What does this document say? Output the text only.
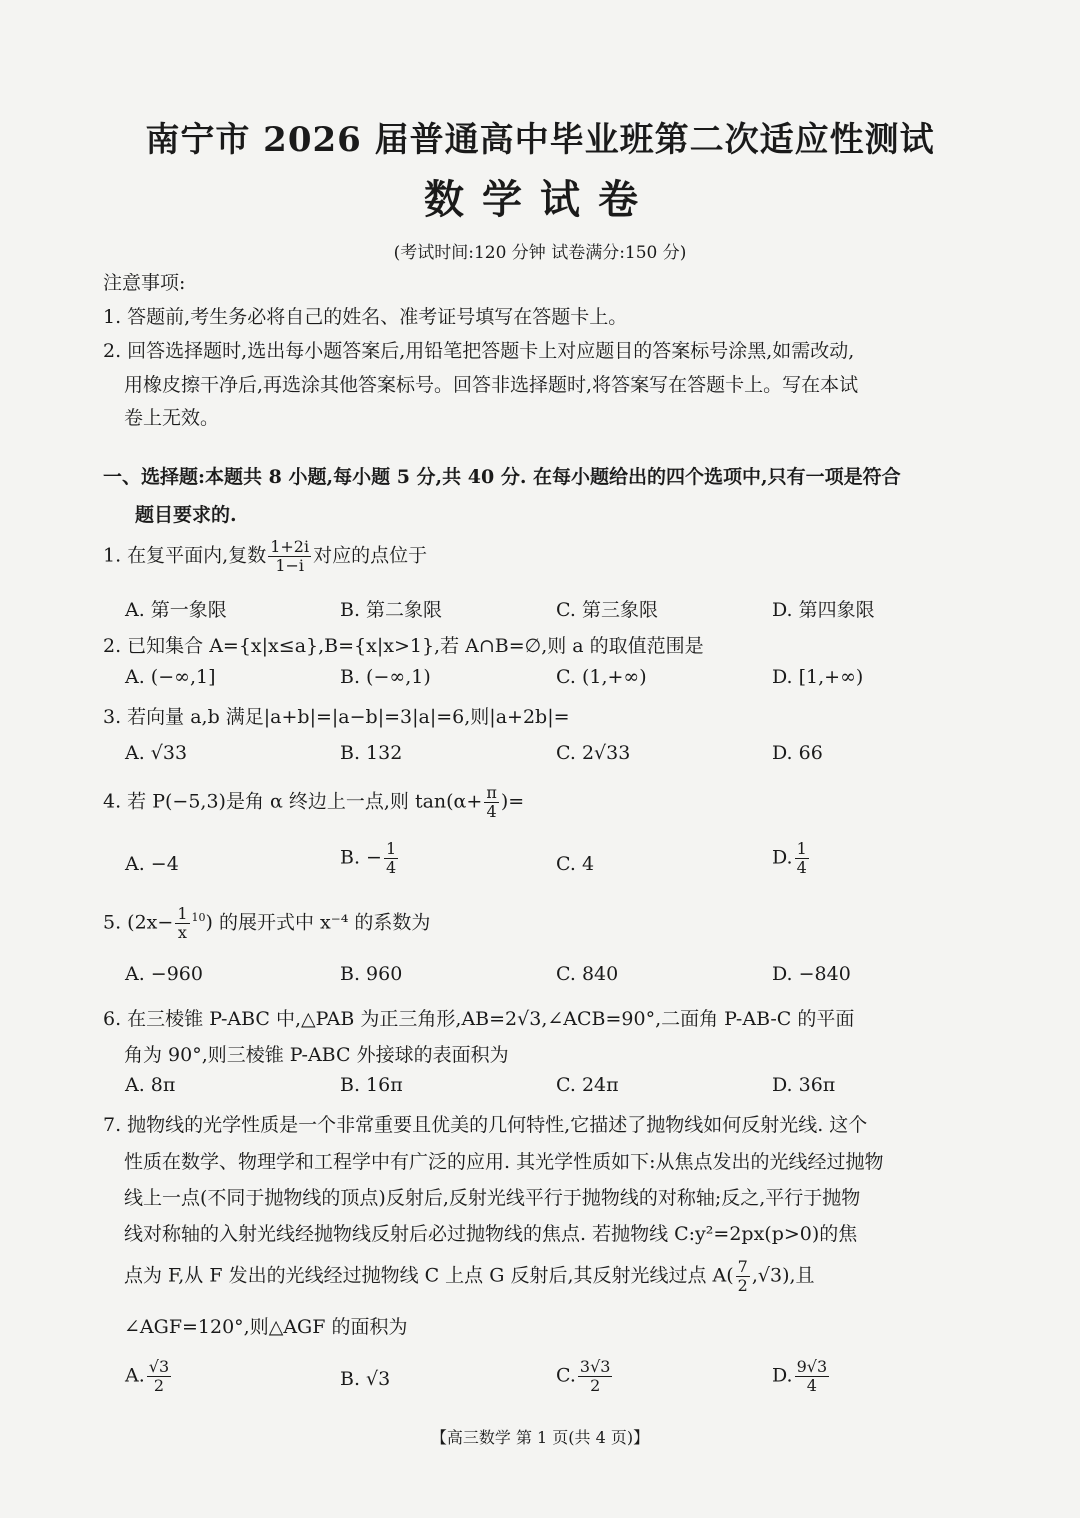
南宁市 2026 届普通高中毕业班第二次适应性测试
数学试卷
(考试时间:120 分钟 试卷满分:150 分)
注意事项:
1. 答题前,考生务必将自己的姓名、准考证号填写在答题卡上。
2. 回答选择题时,选出每小题答案后,用铅笔把答题卡上对应题目的答案标号涂黑,如需改动,
用橡皮擦干净后,再选涂其他答案标号。回答非选择题时,将答案写在答题卡上。写在本试
卷上无效。
一、选择题:本题共 8 小题,每小题 5 分,共 40 分. 在每小题给出的四个选项中,只有一项是符合
题目要求的.
1. 在复平面内,复数 $\frac{1+2i}{1-i}$ 对应的点位于
A. 第一象限	B. 第二象限	C. 第三象限	D. 第四象限
2. 已知集合 A={x|x≤a},B={x|x>1},若 A∩B=∅,则 a 的取值范围是
A. (−∞,1]	B. (−∞,1)	C. (1,+∞)	D. [1,+∞)
3. 若向量 a,b 满足|a+b|=|a−b|=3|a|=6,则|a+2b|=
A. √33	B. 132	C. 2√33	D. 66
4. 若 P(−5,3)是角 α 终边上一点,则 $\tan(\alpha+ \frac{\pi}{4}$ )=
A. −4	B. − $\frac{1}{4}$	C. 4	D. $\frac{1}{4}$
5. $(2x- \frac{1}{x} ^{10})$ 的展开式中 x⁻⁴ 的系数为
A. −960	B. 960	C. 840	D. −840
6. 在三棱锥 P-ABC 中,△PAB 为正三角形,AB=2√3,∠ACB=90°,二面角 P-AB-C 的平面
角为 90°,则三棱锥 P-ABC 外接球的表面积为
A. 8π	B. 16π	C. 24π	D. 36π
7. 抛物线的光学性质是一个非常重要且优美的几何特性,它描述了抛物线如何反射光线. 这个
性质在数学、物理学和工程学中有广泛的应用. 其光学性质如下:从焦点发出的光线经过抛物
线上一点(不同于抛物线的顶点)反射后,反射光线平行于抛物线的对称轴;反之,平行于抛物
线对称轴的入射光线经抛物线反射后必过抛物线的焦点. 若抛物线 C:y²=2px(p>0)的焦
点为 F,从 F 发出的光线经过抛物线 C 上点 G 反射后,其反射光线过点 $A( \frac{7}{2} ,√3)$,且
∠AGF=120°,则△AGF 的面积为
A. $\frac{√3}{2}$	B. √3	C. $\frac{3√3}{2}$	D. $\frac{9√3}{4}$
【高三数学 第 1 页(共 4 页)】
